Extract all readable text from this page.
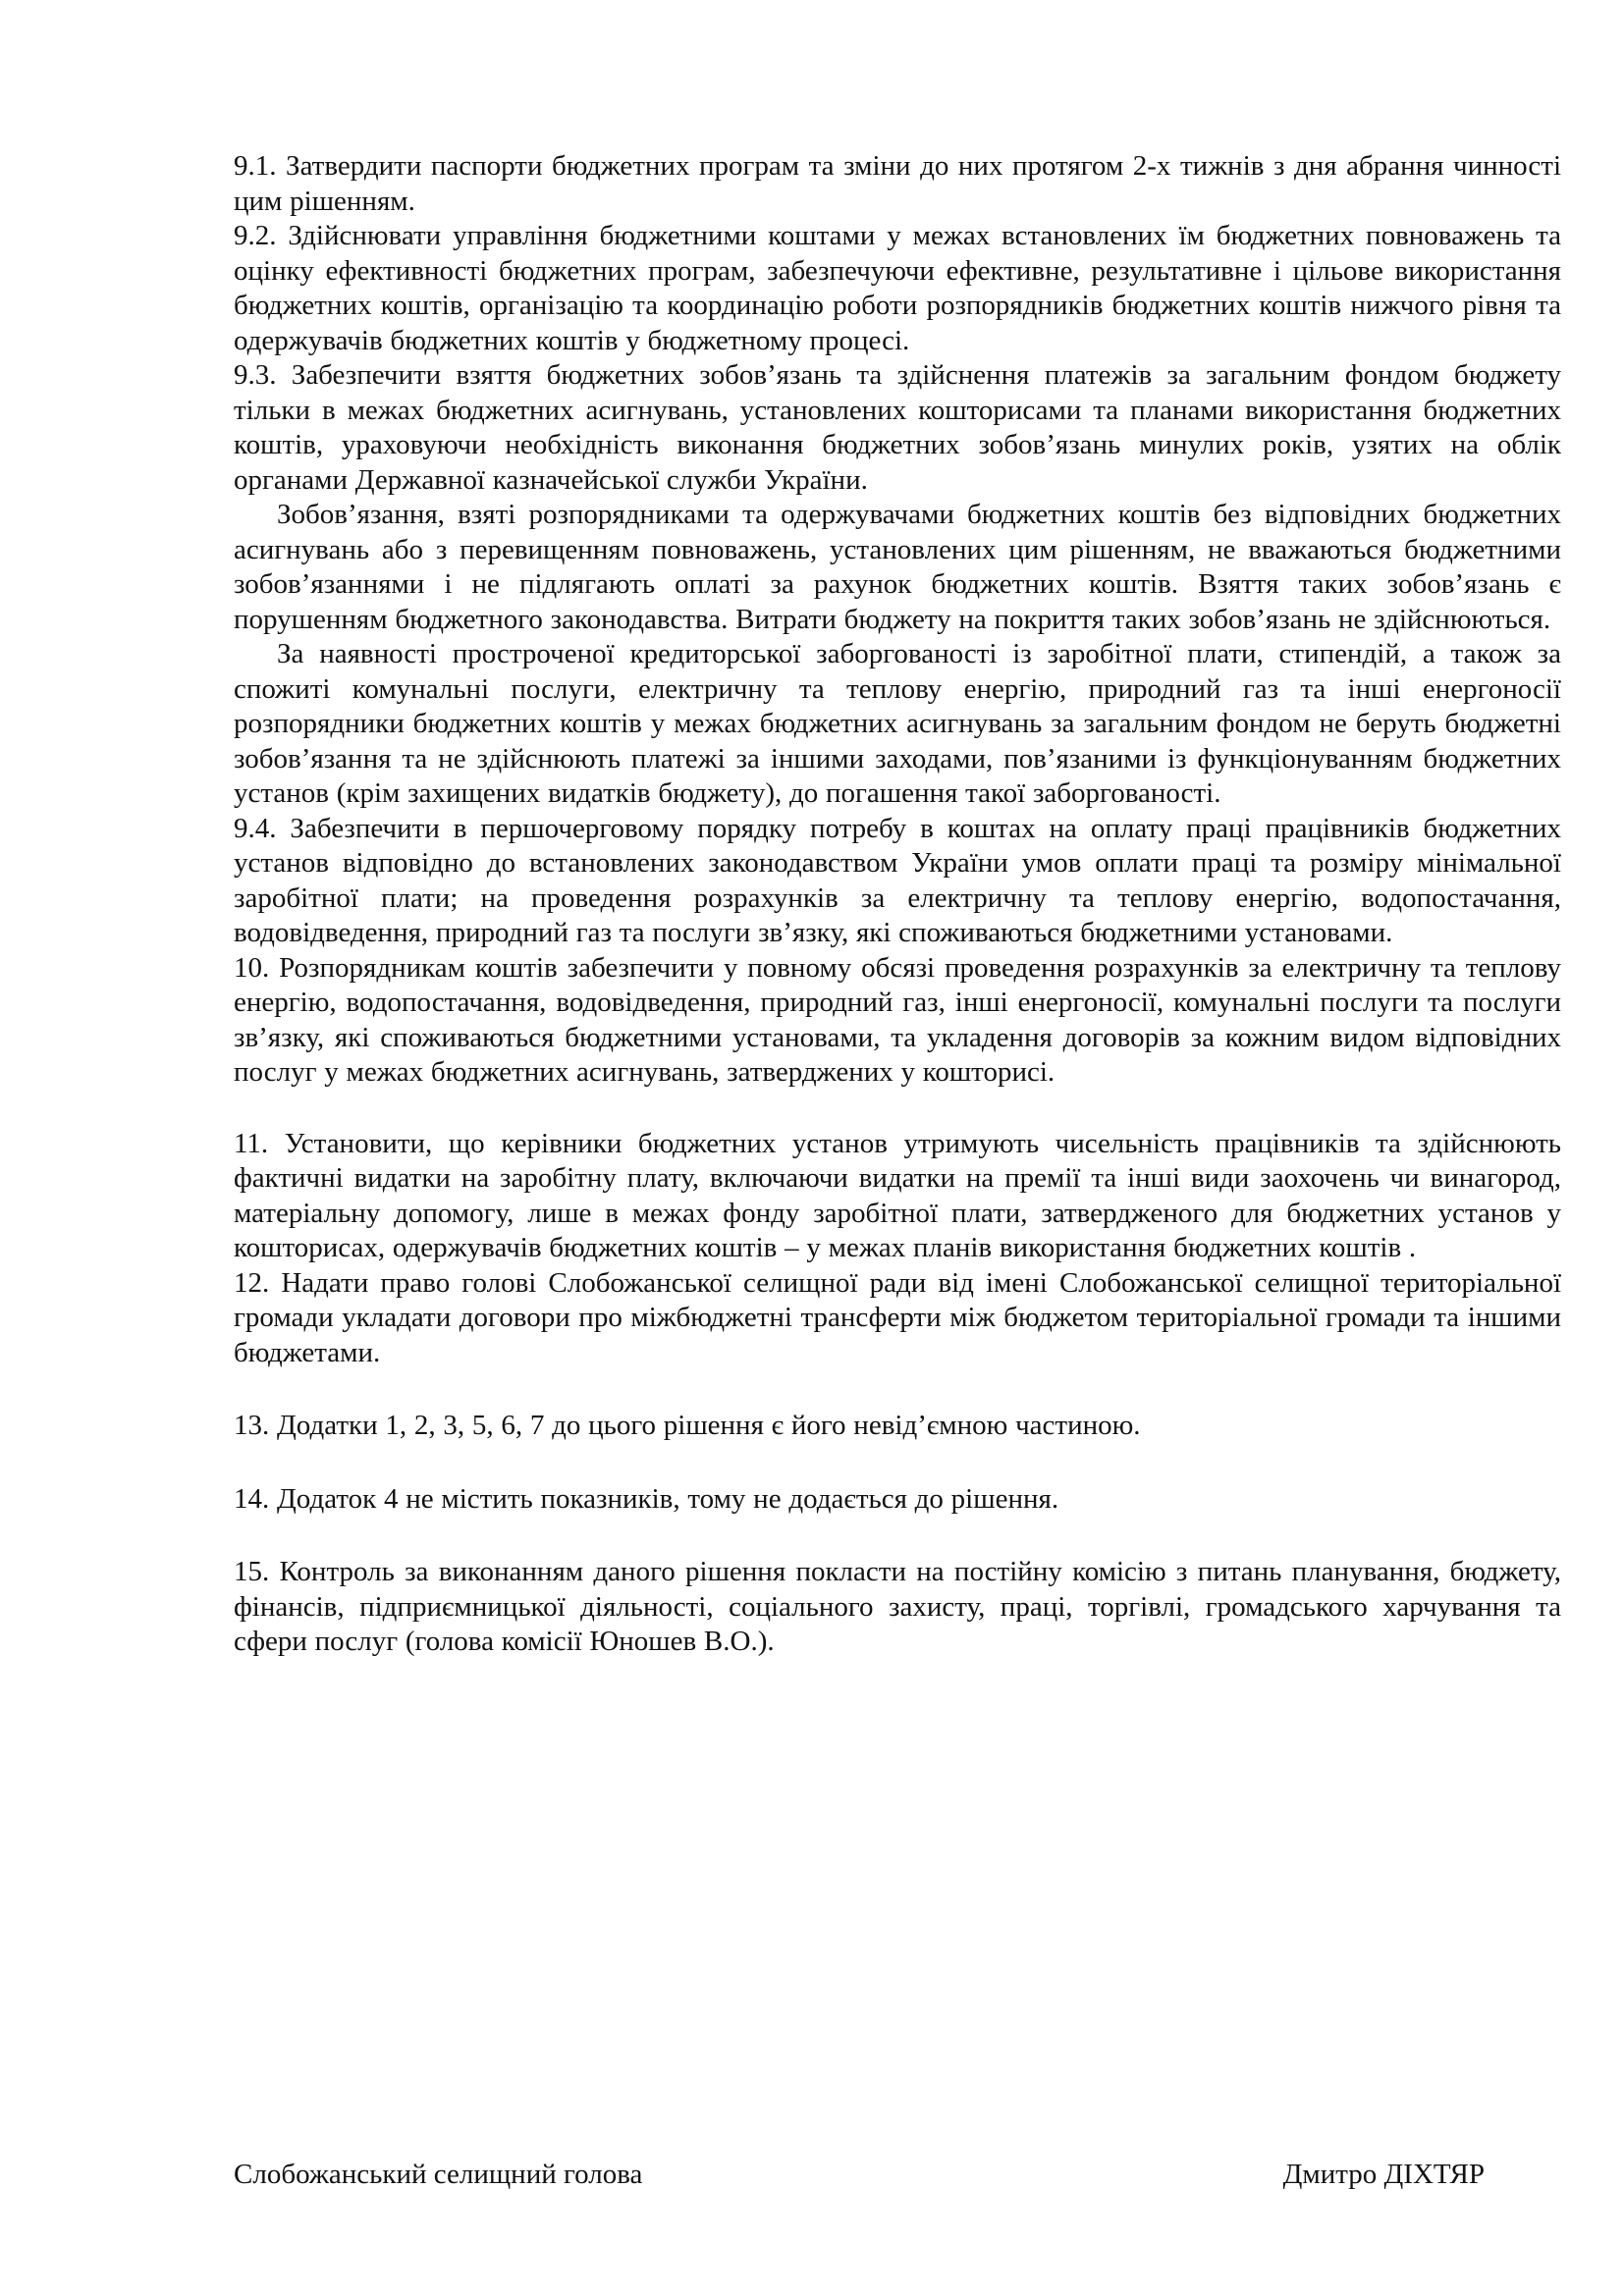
9.1. Затвердити паспорти бюджетних програм та зміни до них протягом 2-х тижнів з дня абрання чинності цим рішенням.

9.2. Здійснювати управління бюджетними коштами у межах встановлених їм бюджетних повноважень та оцінку ефективності бюджетних програм, забезпечуючи ефективне, результативне і цільове використання бюджетних коштів, організацію та координацію роботи розпорядників бюджетних коштів нижчого рівня та одержувачів бюджетних коштів у бюджетному процесі.

9.3. Забезпечити взяття бюджетних зобов’язань та здійснення платежів за загальним фондом бюджету тільки в межах бюджетних асигнувань, установлених кошторисами та планами використання бюджетних коштів, ураховуючи необхідність виконання бюджетних зобов’язань минулих років, узятих на облік органами Державної казначейської служби України.

Зобов’язання, взяті розпорядниками та одержувачами бюджетних коштів без відповідних бюджетних асигнувань або з перевищенням повноважень, установлених цим рішенням, не вважаються бюджетними зобов’язаннями і не підлягають оплаті за рахунок бюджетних коштів. Взяття таких зобов’язань є порушенням бюджетного законодавства. Витрати бюджету на покриття таких зобов’язань не здійснюються.

За наявності простроченої кредиторської заборгованості із заробітної плати, стипендій, а також за спожиті комунальні послуги, електричну та теплову енергію, природний газ та інші енергоносії розпорядники бюджетних коштів у межах бюджетних асигнувань за загальним фондом не беруть бюджетні зобов’язання та не здійснюють платежі за іншими заходами, пов’язаними із функціонуванням бюджетних установ (крім захищених видатків бюджету), до погашення такої заборгованості.

9.4. Забезпечити в першочерговому порядку потребу в коштах на оплату праці працівників бюджетних установ відповідно до встановлених законодавством України умов оплати праці та розміру мінімальної заробітної плати; на проведення розрахунків за електричну та теплову енергію, водопостачання, водовідведення, природний газ та послуги зв’язку, які споживаються бюджетними установами.

10. Розпорядникам коштів забезпечити у повному обсязі проведення розрахунків за електричну та теплову енергію, водопостачання, водовідведення, природний газ, інші енергоносії, комунальні послуги та послуги зв’язку, які споживаються бюджетними установами, та укладення договорів за кожним видом відповідних послуг у межах бюджетних асигнувань, затверджених у кошторисі.

11. Установити, що керівники бюджетних установ утримують чисельність працівників та здійснюють фактичні видатки на заробітну плату, включаючи видатки на премії та інші види заохочень чи винагород, матеріальну допомогу, лише в межах фонду заробітної плати, затвердженого для бюджетних установ у кошторисах, одержувачів бюджетних коштів – у межах планів використання бюджетних коштів .

12. Надати право голові Слобожанської селищної ради від імені Слобожанської селищної територіальної громади укладати договори про міжбюджетні трансферти між бюджетом територіальної громади та іншими бюджетами.

13. Додатки 1, 2, 3, 5, 6, 7 до цього рішення є його невід’ємною частиною.

14. Додаток 4 не містить показників, тому не додається до рішення.

15. Контроль за виконанням даного рішення покласти на постійну комісію з питань планування, бюджету, фінансів, підприємницької діяльності, соціального захисту, праці, торгівлі, громадського харчування та сфери послуг (голова комісії Юношев В.О.).

Слобожанський селищний голова	Дмитро ДІХТЯР
